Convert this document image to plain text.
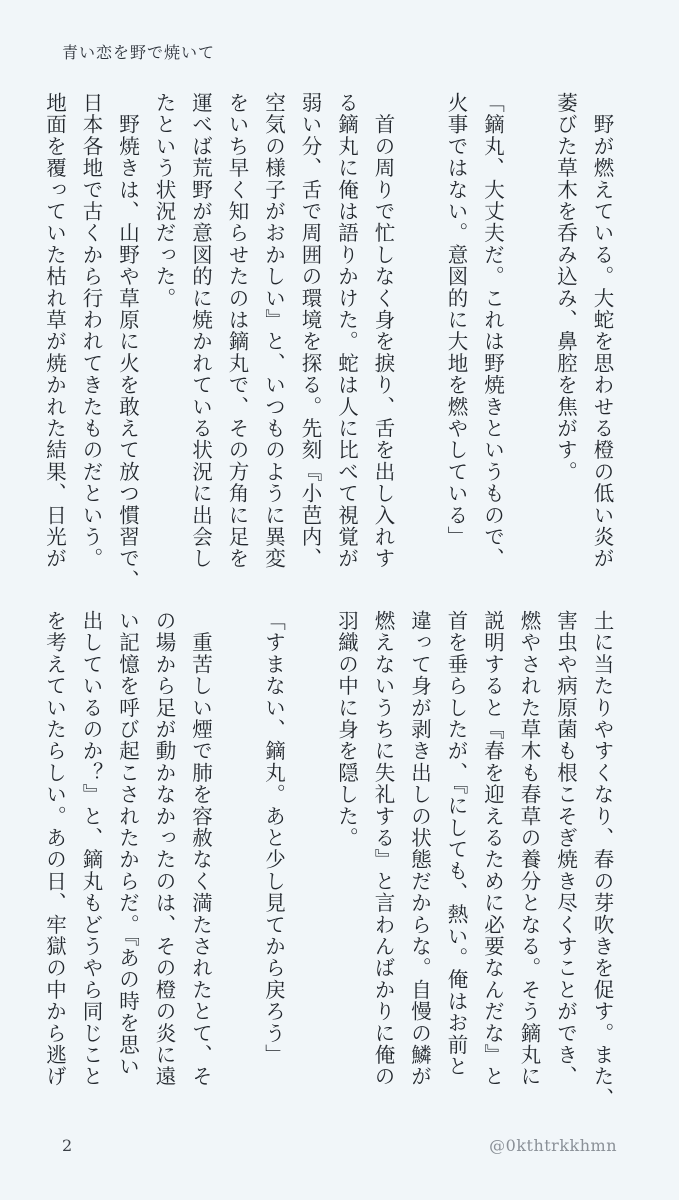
青い恋を野で焼いて
　野が燃えている。大蛇を思わせる橙の低い炎が
萎びた草木を呑み込み、鼻腔を焦がす。

「鏑丸、大丈夫だ。これは野焼きというもので、
火事ではない。意図的に大地を燃やしている」

　首の周りで忙しなく身を捩り、舌を出し入れす
る鏑丸に俺は語りかけた。蛇は人に比べて視覚が
弱い分、舌で周囲の環境を探る。先刻『小芭内、
空気の様子がおかしい』と、いつものように異変
をいち早く知らせたのは鏑丸で、その方角に足を
運べば荒野が意図的に焼かれている状況に出会し
たという状況だった。
　野焼きは、山野や草原に火を敢えて放つ慣習で、
日本各地で古くから行われてきたものだという。
地面を覆っていた枯れ草が焼かれた結果、日光が
土に当たりやすくなり、春の芽吹きを促す。また、
害虫や病原菌も根こそぎ焼き尽くすことができ、
燃やされた草木も春草の養分となる。そう鏑丸に
説明すると『春を迎えるために必要なんだな』と
首を垂らしたが、『にしても、熱い。俺はお前と
違って身が剥き出しの状態だからな。自慢の鱗が
燃えないうちに失礼する』と言わんばかりに俺の
羽織の中に身を隠した。

「すまない、鏑丸。あと少し見てから戻ろう」

　重苦しい煙で肺を容赦なく満たされたとて、そ
の場から足が動かなかったのは、その橙の炎に遠
い記憶を呼び起こされたからだ。『あの時を思い
出しているのか？』と、鏑丸もどうやら同じこと
を考えていたらしい。あの日、牢獄の中から逃げ
2	@0kthtrkkhmn
